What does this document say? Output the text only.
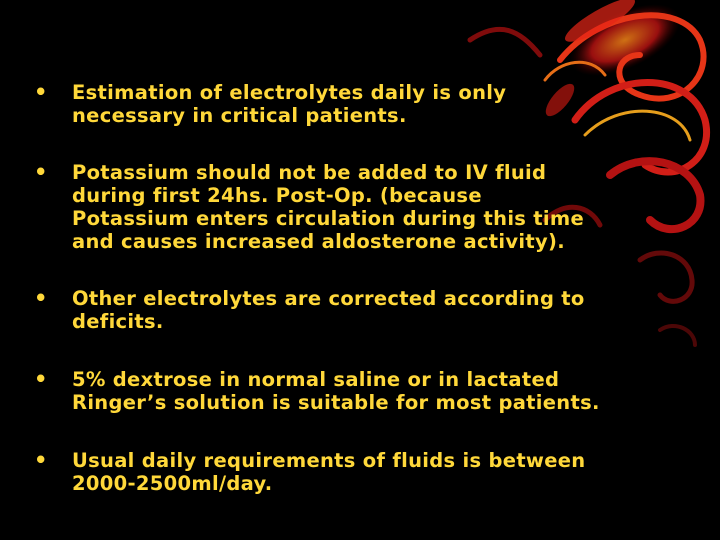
•	Estimation of electrolytes daily is only
necessary in critical patients.
•	Potassium should not be added to IV fluid
during first 24hs. Post-Op. (because
Potassium enters circulation during this time
and causes increased aldosterone activity).
•	Other electrolytes are corrected according to
deficits.
•	5% dextrose in normal saline or in lactated
Ringer’s solution is suitable for most patients.
•	Usual daily requirements of fluids is between
2000-2500ml/day.
